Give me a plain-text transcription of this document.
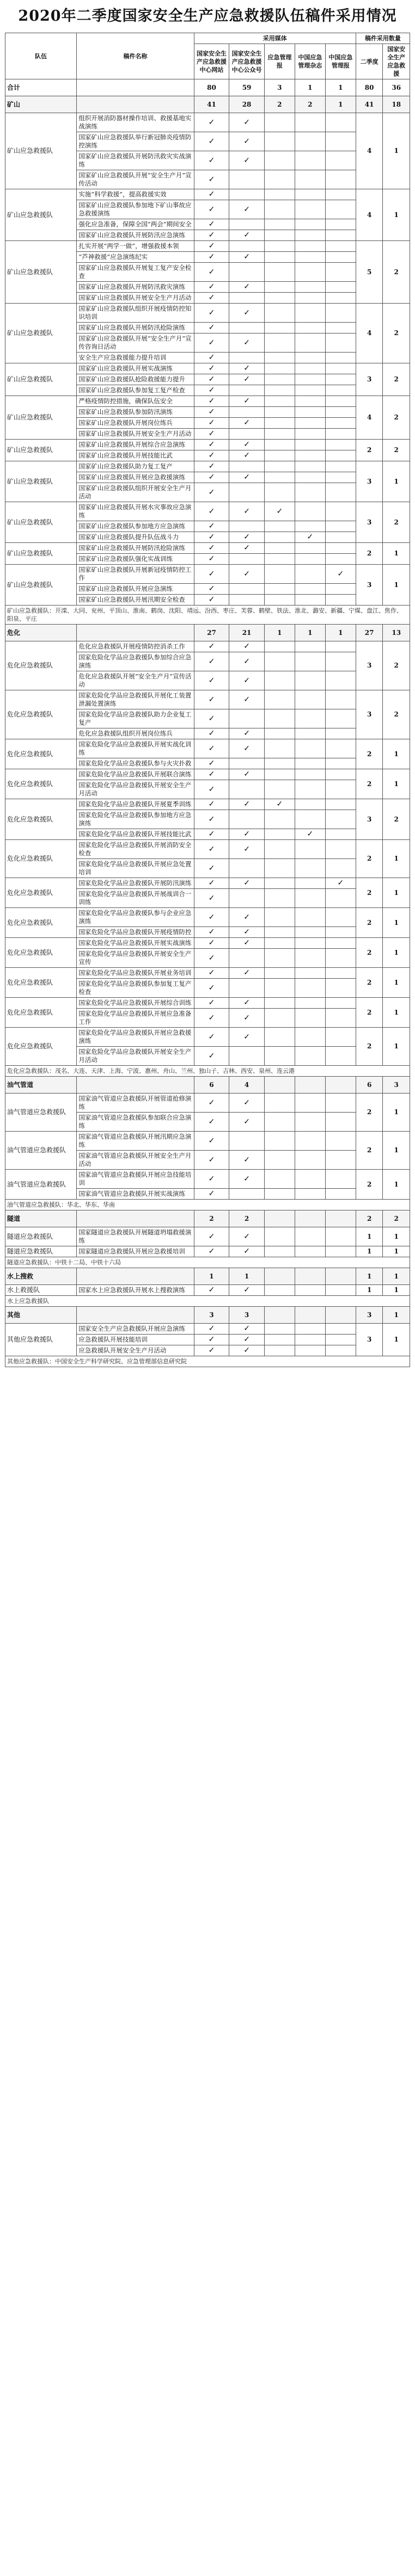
2020年二季度国家安全生产应急救援队伍稿件采用情况
队伍	稿件名称	采用媒体					稿件采用数量	
		国家安全生产应急救援中心网站	国家安全生产应急救援中心公众号	应急管理报	中国应急管理杂志	中国应急管理报	二季度	国家安全生产应急救援
合计		80	59	3	1	1	80	36
矿山		41	28	2	2	1	41	18
矿山应急救援队	组织开展消防器材操作培训、救援基地实战演练	✓	✓				4	1
	国家矿山应急救援队举行新冠肺炎疫情防控演练	✓	✓					
	国家矿山应急救援队开展防汛救灾实战演练	✓	✓					
	国家矿山应急救援队开展“安全生产月”宣传活动	✓						
矿山应急救援队	实施“科学救援”，提高救援实效	✓					4	1
	国家矿山应急救援队参加地下矿山事故应急救援演练	✓	✓					
	强化应急准备，保障全国“两会”期间安全	✓						
	国家矿山应急救援队开展防汛应急演练	✓	✓					
矿山应急救援队	扎实开展“两学一做”，增强救援本领	✓					5	2
	“芦神救援”应急演练纪实	✓	✓					
	国家矿山应急救援队开展复工复产安全检查	✓						
	国家矿山应急救援队开展防汛救灾演练	✓	✓					
	国家矿山应急救援队开展安全生产月活动	✓						
矿山应急救援队	国家矿山应急救援队组织开展疫情防控知识培训	✓	✓				4	2
	国家矿山应急救援队开展防汛抢险演练	✓						
	国家矿山应急救援队开展“安全生产月”宣传咨询日活动	✓	✓					
	安全生产应急救援能力提升培训	✓						
矿山应急救援队	国家矿山应急救援队开展实战演练	✓	✓				3	2
	国家矿山应急救援队抢险救援能力提升	✓	✓					
	国家矿山应急救援队参加复工复产检查	✓						
矿山应急救援队	严格疫情防控措施，确保队伍安全	✓	✓				4	2
	国家矿山应急救援队参加防汛演练	✓						
	国家矿山应急救援队开展岗位练兵	✓	✓					
	国家矿山应急救援队开展安全生产月活动	✓						
矿山应急救援队	国家矿山应急救援队开展综合应急演练	✓	✓				2	2
	国家矿山应急救援队开展技能比武	✓	✓					
矿山应急救援队	国家矿山应急救援队助力复工复产	✓					3	1
	国家矿山应急救援队开展应急救援演练	✓	✓					
	国家矿山应急救援队组织开展安全生产月活动	✓						
矿山应急救援队	国家矿山应急救援队开展水灾事故应急演练	✓	✓	✓			3	2
	国家矿山应急救援队参加地方应急演练	✓						
	国家矿山应急救援队提升队伍战斗力	✓	✓		✓			
矿山应急救援队	国家矿山应急救援队开展防汛抢险演练	✓	✓				2	1
	国家矿山应急救援队强化实战训练	✓						
矿山应急救援队	国家矿山应急救援队开展新冠疫情防控工作	✓	✓			✓	3	1
	国家矿山应急救援队开展应急演练	✓						
	国家矿山应急救援队开展汛期安全检查	✓						
矿山应急救援队：开滦、大同、兖州、平顶山、淮南、鹤岗、沈阳、靖远、汾西、枣庄、芙蓉、鹤壁、铁法、淮北、潞安、新疆、宁煤、盘江、焦作、阳泉、平庄								
危化		27	21	1	1	1	27	13
危化应急救援队	危化应急救援队开展疫情防控消杀工作	✓	✓				3	2
	国家危险化学品应急救援队参加综合应急演练	✓	✓					
	危化应急救援队开展“安全生产月”宣传活动	✓	✓					
危化应急救援队	国家危险化学品应急救援队开展化工装置泄漏处置演练	✓	✓				3	2
	国家危险化学品应急救援队助力企业复工复产	✓						
	危化应急救援队组织开展岗位练兵	✓	✓					
危化应急救援队	国家危险化学品应急救援队开展实战化训练	✓	✓				2	1
	国家危险化学品应急救援队参与火灾扑救	✓						
危化应急救援队	国家危险化学品应急救援队开展联合演练	✓	✓				2	1
	国家危险化学品应急救援队开展安全生产月活动	✓						
危化应急救援队	国家危险化学品应急救援队开展夏季训练	✓	✓	✓			3	2
	国家危险化学品应急救援队参加地方应急演练	✓						
	国家危险化学品应急救援队开展技能比武	✓	✓		✓			
危化应急救援队	国家危险化学品应急救援队开展消防安全检查	✓	✓				2	1
	国家危险化学品应急救援队开展应急处置培训	✓						
危化应急救援队	国家危险化学品应急救援队开展防汛演练	✓	✓			✓	2	1
	国家危险化学品应急救援队开展战训合一训练	✓						
危化应急救援队	国家危险化学品应急救援队参与企业应急演练	✓	✓				2	1
	国家危险化学品应急救援队开展疫情防控	✓	✓					
危化应急救援队	国家危险化学品应急救援队开展实战演练	✓	✓				2	1
	国家危险化学品应急救援队开展安全生产宣传	✓						
危化应急救援队	国家危险化学品应急救援队开展业务培训	✓	✓				2	1
	国家危险化学品应急救援队参加复工复产检查	✓						
危化应急救援队	国家危险化学品应急救援队开展综合训练	✓	✓				2	1
	国家危险化学品应急救援队开展应急准备工作	✓	✓					
危化应急救援队	国家危险化学品应急救援队开展应急救援演练	✓	✓				2	1
	国家危险化学品应急救援队开展安全生产月活动	✓						
危化应急救援队：茂名、大连、天津、上海、宁波、惠州、舟山、兰州、独山子、吉林、西安、泉州、连云港								
油气管道		6	4				6	3
油气管道应急救援队	国家油气管道应急救援队开展管道抢修演练	✓	✓				2	1
	国家油气管道应急救援队参加联合应急演练	✓	✓					
油气管道应急救援队	国家油气管道应急救援队开展汛期应急演练	✓					2	1
	国家油气管道应急救援队开展安全生产月活动	✓	✓					
油气管道应急救援队	国家油气管道应急救援队开展应急技能培训	✓	✓				2	1
	国家油气管道应急救援队开展实战演练	✓						
油气管道应急救援队：华北、华东、华南								
隧道		2	2				2	2
隧道应急救援队	国家隧道应急救援队开展隧道坍塌救援演练	✓	✓				1	1
隧道应急救援队	国家隧道应急救援队开展应急救援培训	✓	✓				1	1
隧道应急救援队：中铁十二局、中铁十六局								
水上搜救		1	1				1	1
水上救援队	国家水上应急救援队开展水上搜救演练	✓	✓				1	1
水上应急救援队								
其他		3	3				3	1
其他应急救援队	国家安全生产应急救援队开展应急演练	✓	✓				3	1
	应急救援队开展技能培训	✓	✓					
	应急救援队开展安全生产月活动	✓	✓					
其他应急救援队：中国安全生产科学研究院、应急管理部信息研究院								
